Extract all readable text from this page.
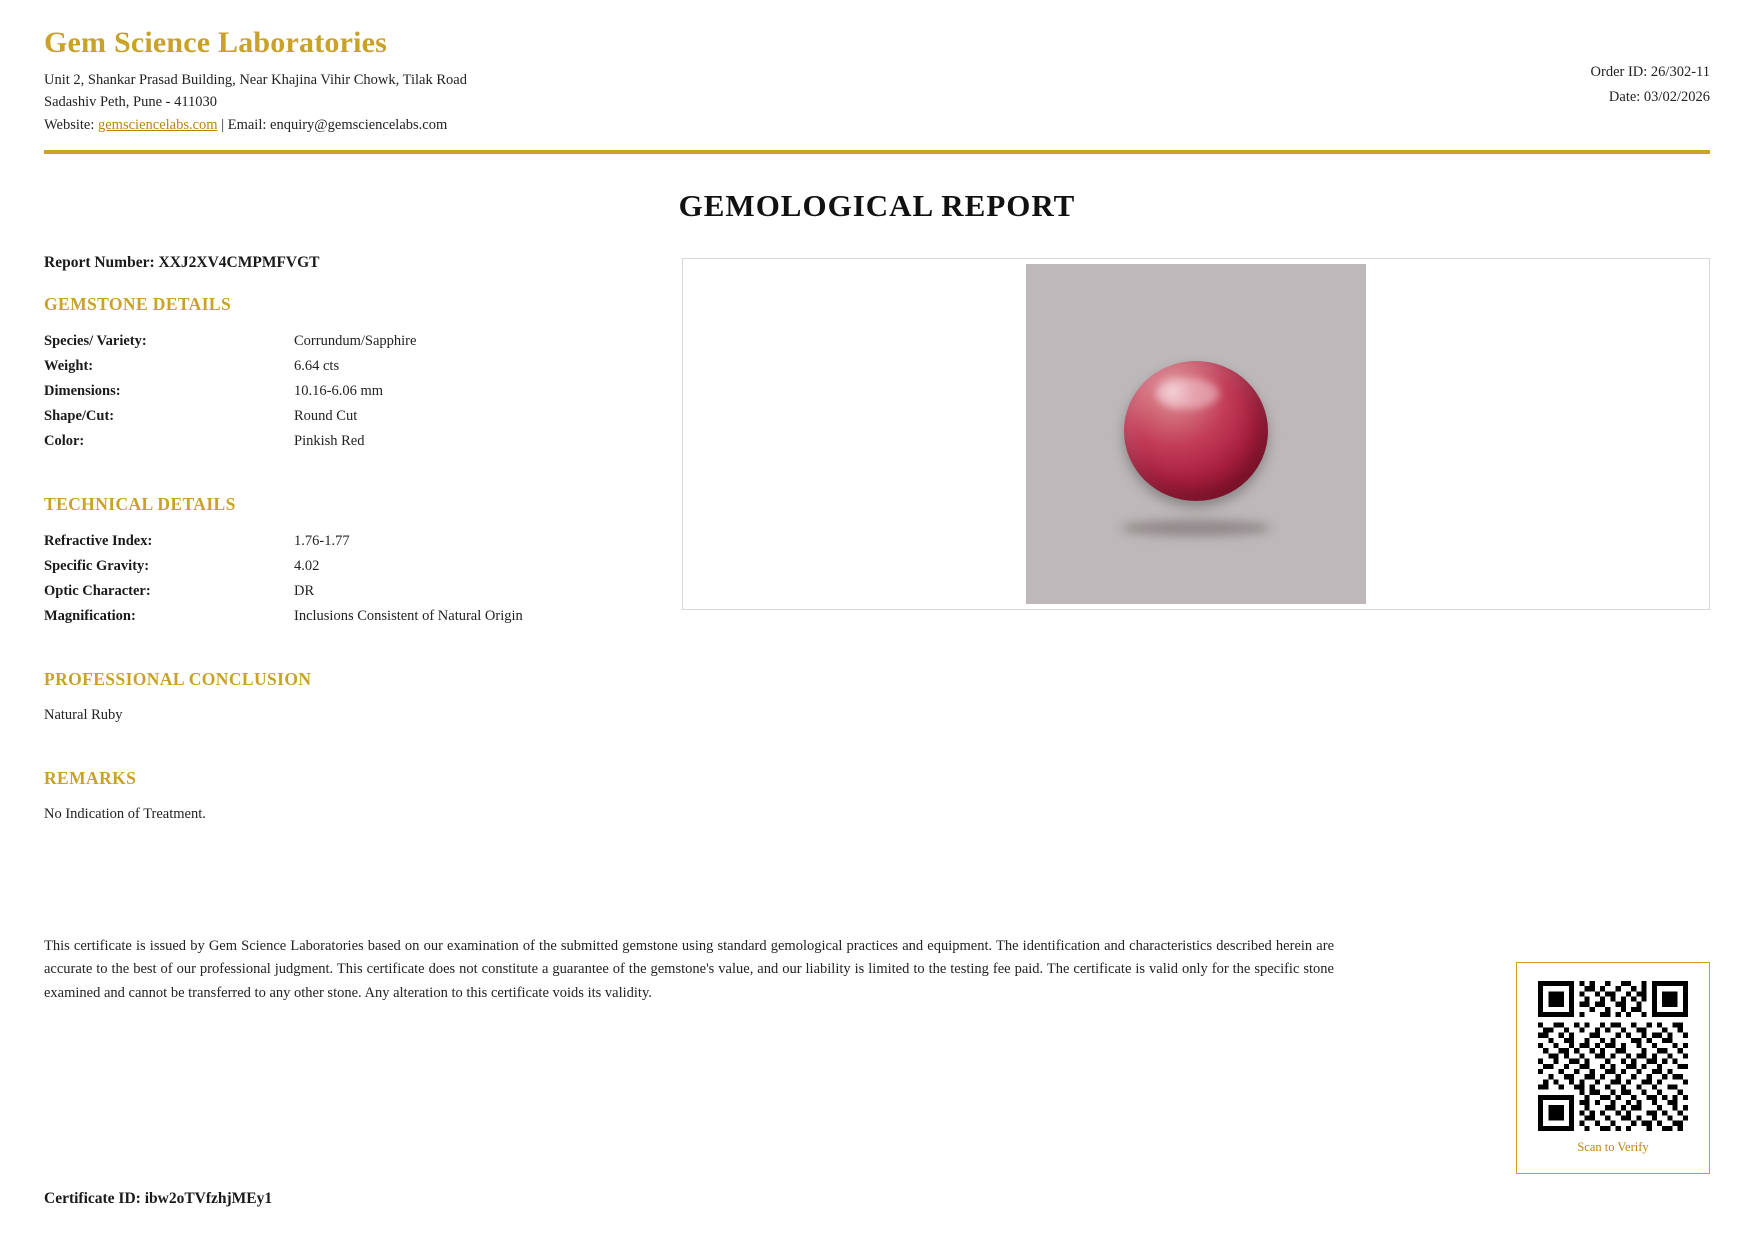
Gem Science Laboratories
Unit 2, Shankar Prasad Building, Near Khajina Vihir Chowk, Tilak Road
Sadashiv Peth, Pune - 411030
Website: gemsciencelabs.com | Email: enquiry@gemsciencelabs.com
Order ID: 26/302-11
Date: 03/02/2026
GEMOLOGICAL REPORT
Report Number: XXJ2XV4CMPMFVGT
GEMSTONE DETAILS
Species/ Variety:	Corrundum/Sapphire
Weight:	6.64 cts
Dimensions:	10.16-6.06 mm
Shape/Cut:	Round Cut
Color:	Pinkish Red
TECHNICAL DETAILS
Refractive Index:	1.76-1.77
Specific Gravity:	4.02
Optic Character:	DR
Magnification:	Inclusions Consistent of Natural Origin
PROFESSIONAL CONCLUSION
Natural Ruby
REMARKS
No Indication of Treatment.
This certificate is issued by Gem Science Laboratories based on our examination of the submitted gemstone using standard gemological practices and equipment. The identification and characteristics described herein are accurate to the best of our professional judgment. This certificate does not constitute a guarantee of the gemstone's value, and our liability is limited to the testing fee paid. The certificate is valid only for the specific stone examined and cannot be transferred to any other stone. Any alteration to this certificate voids its validity.
Certificate ID: ibw2oTVfzhjMEy1
Scan to Verify
